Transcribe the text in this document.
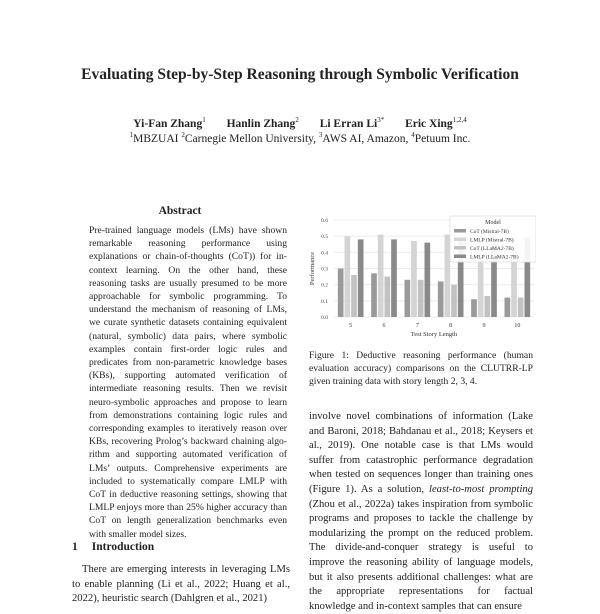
Evaluating Step-by-Step Reasoning through Symbolic Verification
Yi-Fan Zhang$^1$ Hanlin Zhang$^2$ Li Erran $Li^{3*}$ Eric Xing$^{1,2,4}$
$^1$MBZUAI $^2$Carnegie Mellon University, $^3$AWS AI, Amazon, $^4$Petuum Inc.
Abstract
Pre-trained language models (LMs) have shown remarkable reasoning performance using explanations or chain-of-thoughts (CoT)) for in-context learning. On the other hand, these reasoning tasks are usually presumed to be more approachable for symbolic programming. To understand the mechanism of reasoning of LMs, we curate synthetic datasets containing equivalent (natural, symbolic) data pairs, where symbolic examples contain first-order logic rules and predicates from non-parametric knowledge bases (KBs), supporting automated verification of intermediate reasoning results. Then we revisit neuro-symbolic approaches and propose to learn from demonstrations containing logic rules and corresponding examples to iteratively reason over KBs, recovering Prolog’s backward chaining algorithm and supporting automated verification of LMs’ outputs. Comprehensive experiments are included to systematically compare LMLP with CoT in deductive reasoning settings, showing that LMLP enjoys more than 25% higher accuracy than CoT on length generalization benchmarks even with smaller model sizes.
1 Introduction
There are emerging interests in leveraging LMs to enable planning (Li et al., 2022; Huang et al., 2022), heuristic search (Dahlgren et al., 2021)
0.0
0.1
0.2
0.3
0.4
0.5
0.6
5	6	7	8	9	10
Test Story Length
Performance
Model
CoT (Mistral-7B)
LMLP (Mistral-7B)
CoT (LLaMA2-7B)
LMLP (LLaMA2-7B)
Figure 1: Deductive reasoning performance (human evaluation accuracy) comparisons on the CLUTRR-LP given training data with story length 2, 3, 4.
involve novel combinations of information (Lake and Baroni, 2018; Bahdanau et al., 2018; Keysers et al., 2019). One notable case is that LMs would suffer from catastrophic performance degradation when tested on sequences longer than training ones (Figure 1). As a solution, least-to-most prompting (Zhou et al., 2022a) takes inspiration from symbolic programs and proposes to tackle the challenge by modularizing the prompt on the reduced problem. The divide-and-conquer strategy is useful to improve the reasoning ability of language models, but it also presents additional challenges: what are the appropriate representations for factual knowledge and in-context samples that can ensure
